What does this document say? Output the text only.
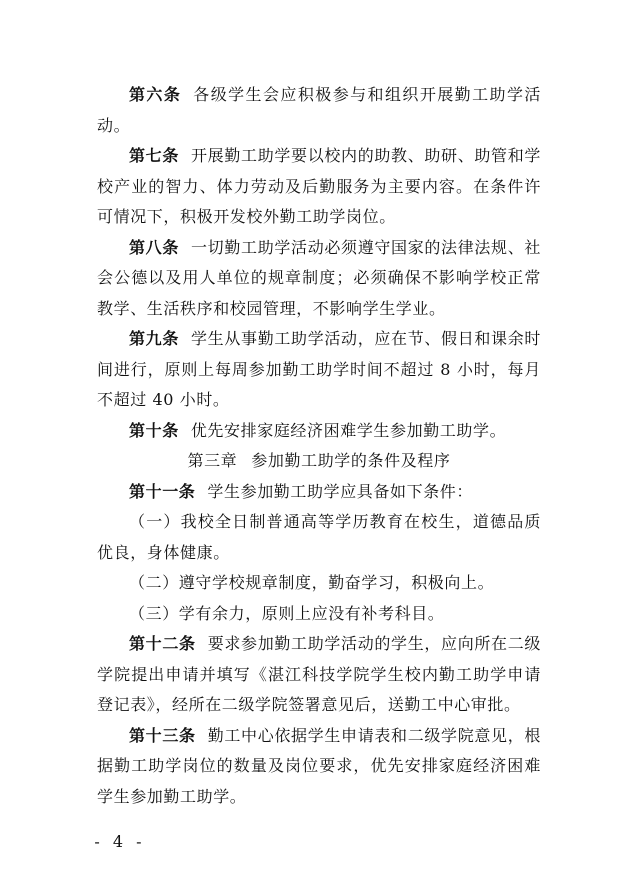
第六条 各级学生会应积极参与和组织开展勤工助学活动。

第七条 开展勤工助学要以校内的助教、助研、助管和学校产业的智力、体力劳动及后勤服务为主要内容。在条件许可情况下，积极开发校外勤工助学岗位。

第八条 一切勤工助学活动必须遵守国家的法律法规、社会公德以及用人单位的规章制度；必须确保不影响学校正常教学、生活秩序和校园管理，不影响学生学业。

第九条 学生从事勤工助学活动，应在节、假日和课余时间进行，原则上每周参加勤工助学时间不超过 8 小时，每月不超过 40 小时。

第十条 优先安排家庭经济困难学生参加勤工助学。

第三章 参加勤工助学的条件及程序

第十一条 学生参加勤工助学应具备如下条件：

（一）我校全日制普通高等学历教育在校生，道德品质优良，身体健康。

（二）遵守学校规章制度，勤奋学习，积极向上。

（三）学有余力，原则上应没有补考科目。

第十二条 要求参加勤工助学活动的学生，应向所在二级学院提出申请并填写《湛江科技学院学生校内勤工助学申请登记表》，经所在二级学院签署意见后，送勤工中心审批。

第十三条 勤工中心依据学生申请表和二级学院意见，根据勤工助学岗位的数量及岗位要求，优先安排家庭经济困难学生参加勤工助学。

- 4 -
